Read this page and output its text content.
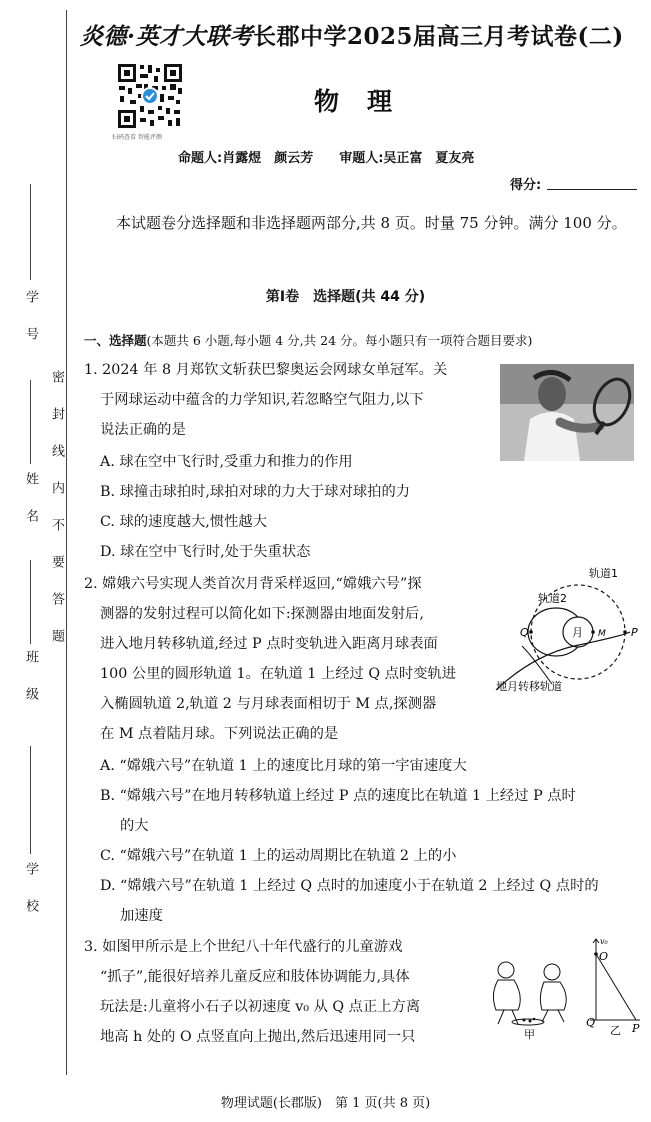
学号
姓名
班级
学校
密封线内不要答题
炎德·英才大联考长郡中学2025届高三月考试卷(二)
扫码查看 智能评测
物理
命题人:肖露煜　颜云芳　　审题人:吴正富　夏友亮
得分:
本试题卷分选择题和非选择题两部分,共 8 页。时量 75 分钟。满分 100 分。
第Ⅰ卷　选择题(共 44 分)
一、选择题(本题共 6 小题,每小题 4 分,共 24 分。每小题只有一项符合题目要求)
1. 2024 年 8 月郑钦文斩获巴黎奥运会网球女单冠军。关
于网球运动中蕴含的力学知识,若忽略空气阻力,以下
说法正确的是
A. 球在空中飞行时,受重力和推力的作用
B. 球撞击球拍时,球拍对球的力大于球对球拍的力
C. 球的速度越大,惯性越大
D. 球在空中飞行时,处于失重状态
2. 嫦娥六号实现人类首次月背采样返回,“嫦娥六号”探
测器的发射过程可以简化如下:探测器由地面发射后,
进入地月转移轨道,经过 P 点时变轨进入距离月球表面
100 公里的圆形轨道 1。在轨道 1 上经过 Q 点时变轨进
入椭圆轨道 2,轨道 2 与月球表面相切于 M 点,探测器
在 M 点着陆月球。下列说法正确的是
A. “嫦娥六号”在轨道 1 上的速度比月球的第一宇宙速度大
B. “嫦娥六号”在地月转移轨道上经过 P 点的速度比在轨道 1 上经过 P 点时
的大
C. “嫦娥六号”在轨道 1 上的运动周期比在轨道 2 上的小
D. “嫦娥六号”在轨道 1 上经过 Q 点时的加速度小于在轨道 2 上经过 Q 点时的
加速度
轨道1
轨道2
月
Q	M P
地月转移轨道
3. 如图甲所示是上个世纪八十年代盛行的儿童游戏
“抓子”,能很好培养儿童反应和肢体协调能力,具体
玩法是:儿童将小石子以初速度 v₀ 从 Q 点正上方离
地高 h 处的 O 点竖直向上抛出,然后迅速用同一只	甲
v₀
O
Q	P
乙
物理试题(长郡版)　第 1 页(共 8 页)
